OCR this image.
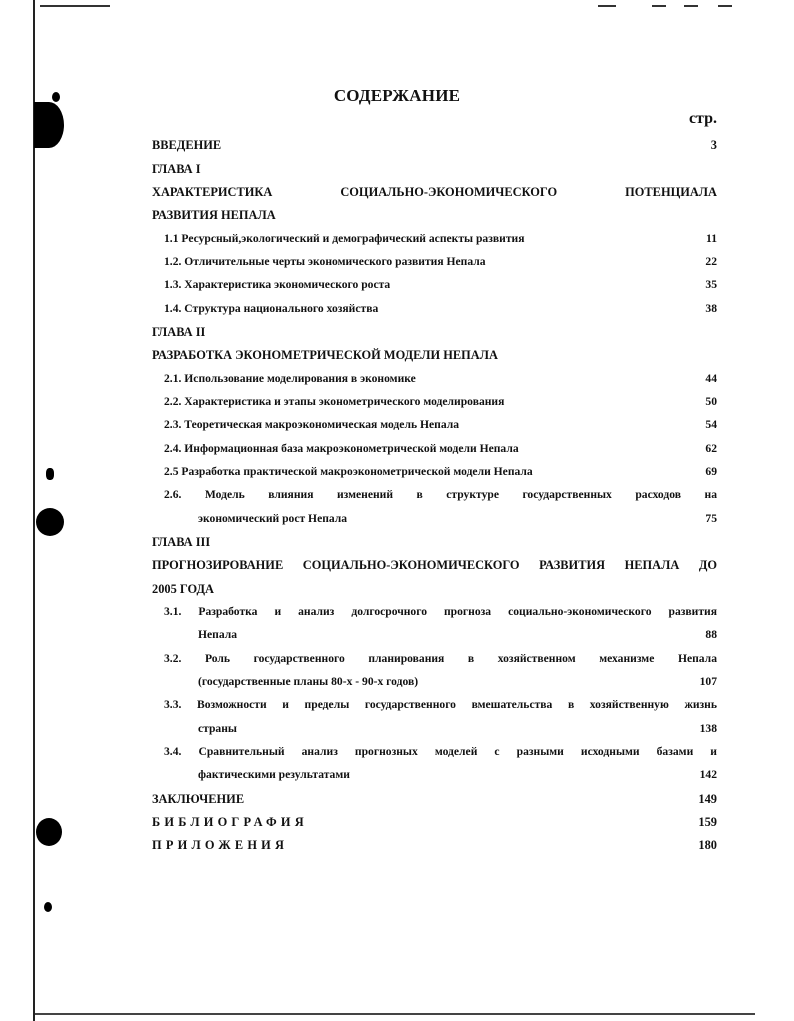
СОДЕРЖАНИЕ
стр.
ВВЕДЕНИЕ	3
ГЛАВА I
ХАРАКТЕРИСТИКА СОЦИАЛЬНО-ЭКОНОМИЧЕСКОГО ПОТЕНЦИАЛА
РАЗВИТИЯ НЕПАЛА
1.1 Ресурсный,экологический и демографический аспекты развития	11
1.2. Отличительные черты экономического развития Непала	22
1.3. Характеристика экономического роста	35
1.4. Структура национального хозяйства	38
ГЛАВА II
РАЗРАБОТКА ЭКОНОМЕТРИЧЕСКОЙ МОДЕЛИ НЕПАЛА
2.1. Использование моделирования в экономике	44
2.2. Характеристика и этапы эконометрического моделирования	50
2.3. Теоретическая макроэкономическая модель Непала	54
2.4. Информационная база макроэконометрической модели Непала	62
2.5 Разработка практической макроэконометрической модели Непала	69
2.6. Модель влияния изменений в структуре государственных расходов на
экономический рост Непала	75
ГЛАВА III
ПРОГНОЗИРОВАНИЕ СОЦИАЛЬНО-ЭКОНОМИЧЕСКОГО РАЗВИТИЯ НЕПАЛА ДО
2005 ГОДА
3.1. Разработка и анализ долгосрочного прогноза социально-экономического развития
Непала	88
3.2. Роль государственного планирования в хозяйственном механизме Непала
(государственные планы 80-х - 90-х годов)	107
3.3. Возможности и пределы государственного вмешательства в хозяйственную жизнь
страны	138
3.4. Сравнительный анализ прогнозных моделей с разными исходными базами и
фактическими результатами	142
ЗАКЛЮЧЕНИЕ	149
БИБЛИОГРАФИЯ	159
ПРИЛОЖЕНИЯ	180
